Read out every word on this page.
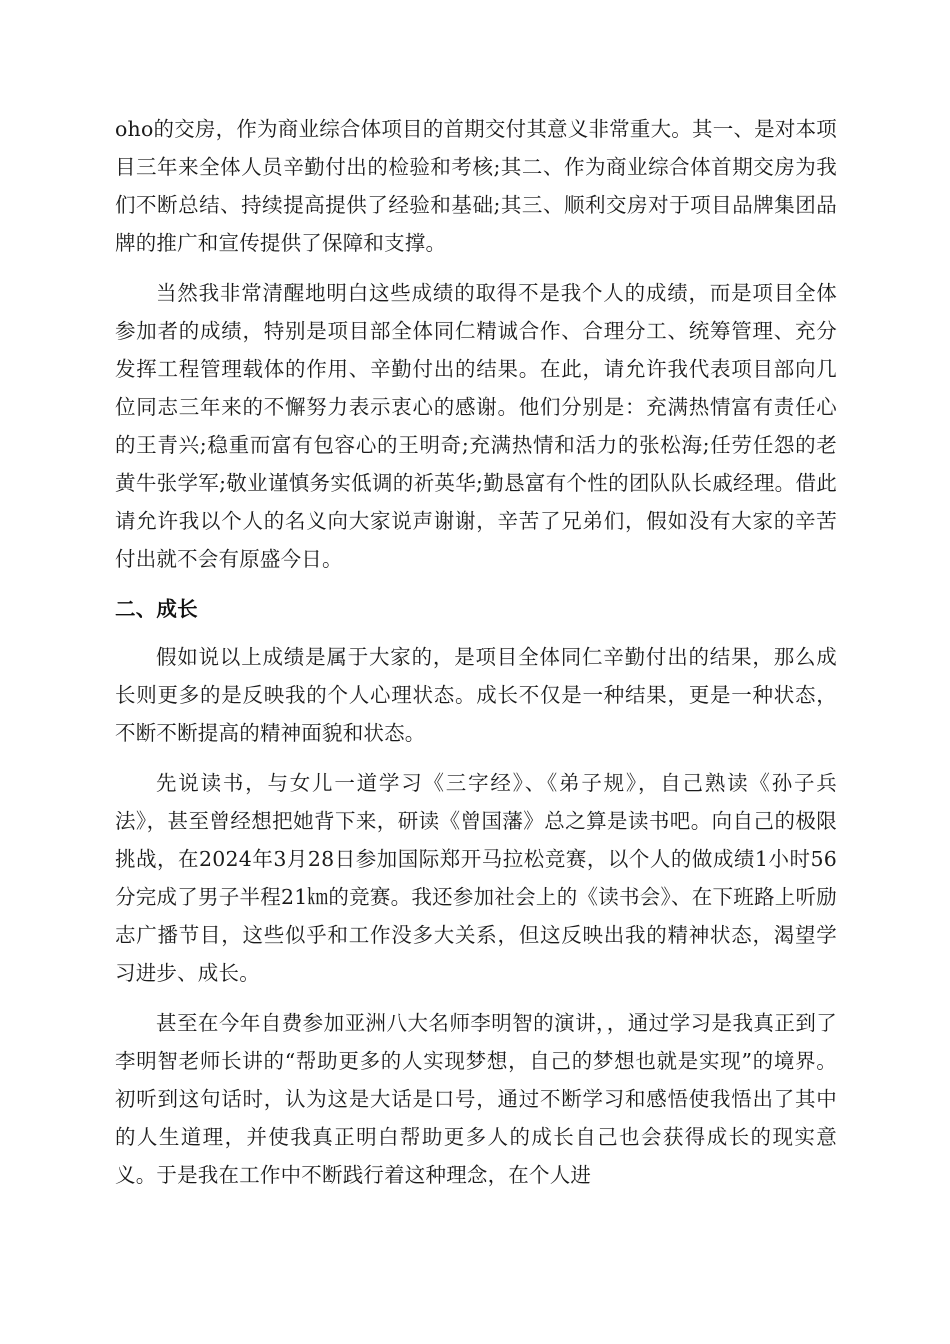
oho的交房，作为商业综合体项目的首期交付其意义非常重大。其一、是对本项目三年来全体人员辛勤付出的检验和考核;其二、作为商业综合体首期交房为我们不断总结、持续提高提供了经验和基础;其三、顺利交房对于项目品牌集团品牌的推广和宣传提供了保障和支撑。

当然我非常清醒地明白这些成绩的取得不是我个人的成绩，而是项目全体参加者的成绩，特别是项目部全体同仁精诚合作、合理分工、统筹管理、充分发挥工程管理载体的作用、辛勤付出的结果。在此，请允许我代表项目部向几位同志三年来的不懈努力表示衷心的感谢。他们分别是：充满热情富有责任心的王青兴;稳重而富有包容心的王明奇;充满热情和活力的张松海;任劳任怨的老黄牛张学军;敬业谨慎务实低调的祈英华;勤恳富有个性的团队队长戚经理。借此请允许我以个人的名义向大家说声谢谢，辛苦了兄弟们，假如没有大家的辛苦付出就不会有原盛今日。

二、成长

假如说以上成绩是属于大家的，是项目全体同仁辛勤付出的结果，那么成长则更多的是反映我的个人心理状态。成长不仅是一种结果，更是一种状态，不断不断提高的精神面貌和状态。

先说读书，与女儿一道学习《三字经》、《弟子规》，自己熟读《孙子兵法》，甚至曾经想把她背下来，研读《曾国藩》总之算是读书吧。向自己的极限挑战，在2024年3月28日参加国际郑开马拉松竞赛，以个人的做成绩1小时56分完成了男子半程21㎞的竞赛。我还参加社会上的《读书会》、在下班路上听励志广播节目，这些似乎和工作没多大关系，但这反映出我的精神状态，渴望学习进步、成长。

甚至在今年自费参加亚洲八大名师李明智的演讲，，通过学习是我真正到了李明智老师长讲的“帮助更多的人实现梦想，自己的梦想也就是实现”的境界。初听到这句话时，认为这是大话是口号，通过不断学习和感悟使我悟出了其中的人生道理，并使我真正明白帮助更多人的成长自己也会获得成长的现实意义。于是我在工作中不断践行着这种理念，在个人进
